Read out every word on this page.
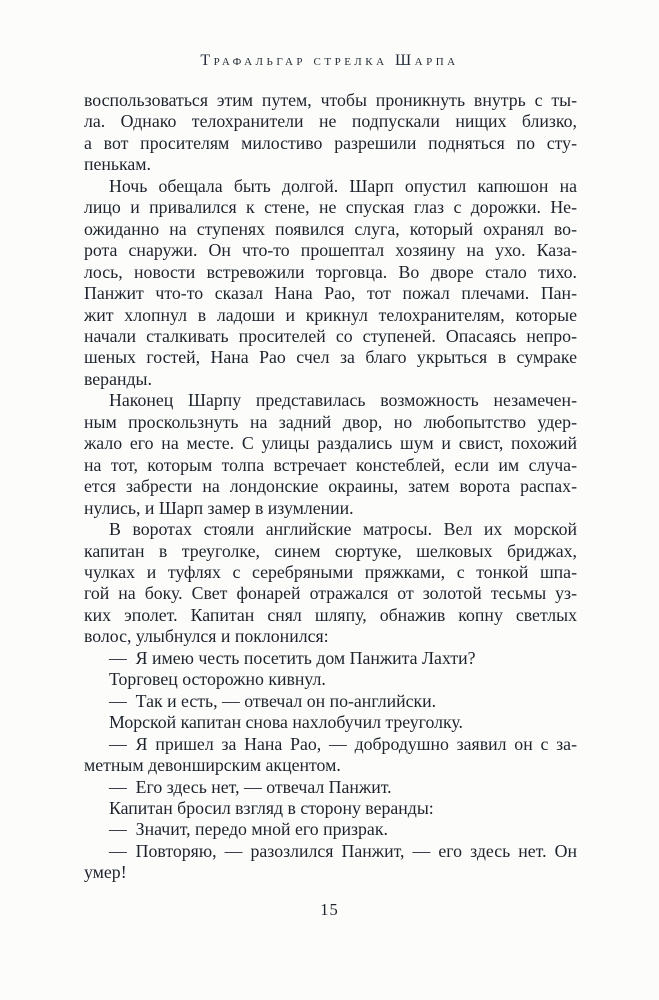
Трафальгар стрелка Шарпа
воспользоваться этим путем, чтобы проникнуть внутрь с ты-
ла. Однако телохранители не подпускали нищих близко,
а вот просителям милостиво разрешили подняться по сту-
пенькам.
Ночь обещала быть долгой. Шарп опустил капюшон на
лицо и привалился к стене, не спуская глаз с дорожки. Не-
ожиданно на ступенях появился слуга, который охранял во-
рота снаружи. Он что-то прошептал хозяину на ухо. Каза-
лось, новости встревожили торговца. Во дворе стало тихо.
Панжит что-то сказал Нана Рао, тот пожал плечами. Пан-
жит хлопнул в ладоши и крикнул телохранителям, которые
начали сталкивать просителей со ступеней. Опасаясь непро-
шеных гостей, Нана Рао счел за благо укрыться в сумраке
веранды.
Наконец Шарпу представилась возможность незамечен-
ным проскользнуть на задний двор, но любопытство удер-
жало его на месте. С улицы раздались шум и свист, похожий
на тот, которым толпа встречает констеблей, если им случа-
ется забрести на лондонские окраины, затем ворота распах-
нулись, и Шарп замер в изумлении.
В воротах стояли английские матросы. Вел их морской
капитан в треуголке, синем сюртуке, шелковых бриджах,
чулках и туфлях с серебряными пряжками, с тонкой шпа-
гой на боку. Свет фонарей отражался от золотой тесьмы уз-
ких эполет. Капитан снял шляпу, обнажив копну светлых
волос, улыбнулся и поклонился:
— Я имею честь посетить дом Панжита Лахти?
Торговец осторожно кивнул.
— Так и есть, — отвечал он по-английски.
Морской капитан снова нахлобучил треуголку.
— Я пришел за Нана Рао, — добродушно заявил он с за-
метным девонширским акцентом.
— Его здесь нет, — отвечал Панжит.
Капитан бросил взгляд в сторону веранды:
— Значит, передо мной его призрак.
— Повторяю, — разозлился Панжит, — его здесь нет. Он
умер!
15
